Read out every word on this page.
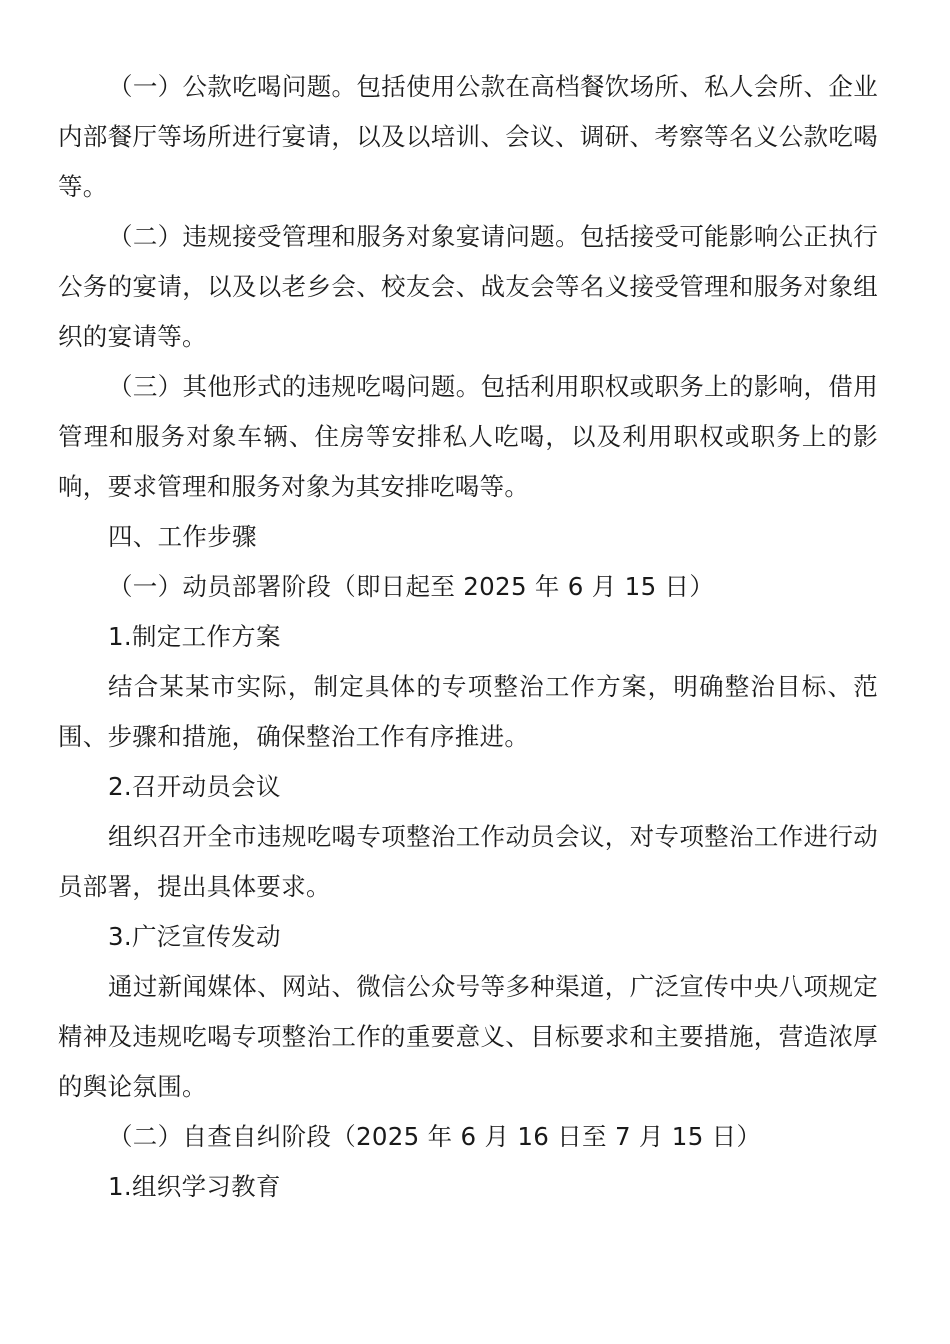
（一）公款吃喝问题。包括使用公款在高档餐饮场所、私人会所、企业内部餐厅等场所进行宴请，以及以培训、会议、调研、考察等名义公款吃喝等。

（二）违规接受管理和服务对象宴请问题。包括接受可能影响公正执行公务的宴请，以及以老乡会、校友会、战友会等名义接受管理和服务对象组织的宴请等。

（三）其他形式的违规吃喝问题。包括利用职权或职务上的影响，借用管理和服务对象车辆、住房等安排私人吃喝，以及利用职权或职务上的影响，要求管理和服务对象为其安排吃喝等。

四、工作步骤

（一）动员部署阶段（即日起至 2025 年 6 月 15 日）

1.制定工作方案

结合某某市实际，制定具体的专项整治工作方案，明确整治目标、范围、步骤和措施，确保整治工作有序推进。

2.召开动员会议

组织召开全市违规吃喝专项整治工作动员会议，对专项整治工作进行动员部署，提出具体要求。

3.广泛宣传发动

通过新闻媒体、网站、微信公众号等多种渠道，广泛宣传中央八项规定精神及违规吃喝专项整治工作的重要意义、目标要求和主要措施，营造浓厚的舆论氛围。

（二）自查自纠阶段（2025 年 6 月 16 日至 7 月 15 日）

1.组织学习教育
